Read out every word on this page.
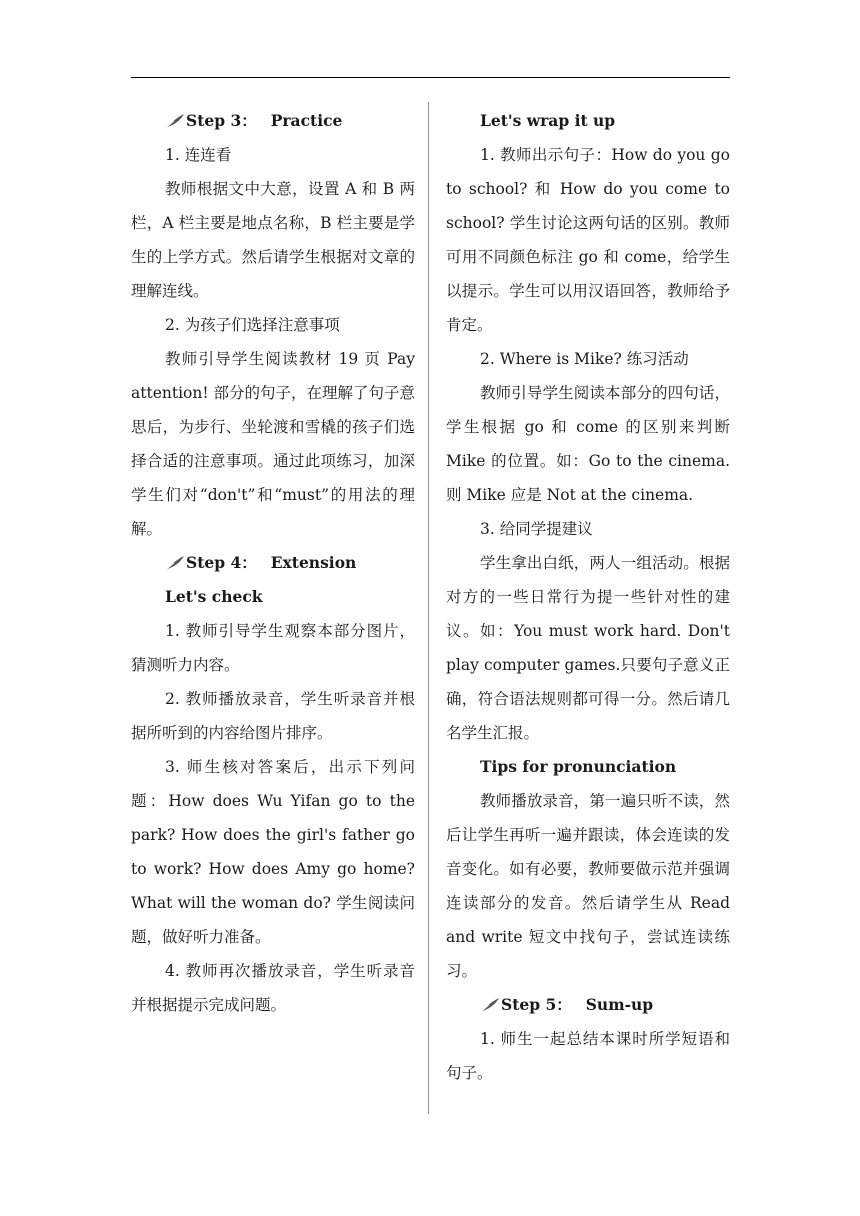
Step 3： Practice

1. 连连看

教师根据文中大意，设置 A 和 B 两栏，A 栏主要是地点名称，B 栏主要是学生的上学方式。然后请学生根据对文章的理解连线。

2. 为孩子们选择注意事项

教师引导学生阅读教材 19 页 Pay attention! 部分的句子，在理解了句子意思后，为步行、坐轮渡和雪橇的孩子们选择合适的注意事项。通过此项练习，加深学生们对“don't”和“must”的用法的理解。

Step 4： Extension

Let's check

1. 教师引导学生观察本部分图片，猜测听力内容。

2. 教师播放录音，学生听录音并根据所听到的内容给图片排序。

3. 师生核对答案后，出示下列问题：How does Wu Yifan go to the park? How does the girl's father go to work? How does Amy go home? What will the woman do? 学生阅读问题，做好听力准备。

4. 教师再次播放录音，学生听录音并根据提示完成问题。

Let's wrap it up

1. 教师出示句子：How do you go to school? 和 How do you come to school? 学生讨论这两句话的区别。教师可用不同颜色标注 go 和 come，给学生以提示。学生可以用汉语回答，教师给予肯定。

2. Where is Mike? 练习活动

教师引导学生阅读本部分的四句话，学生根据 go 和 come 的区别来判断 Mike 的位置。如：Go to the cinema. 则 Mike 应是 Not at the cinema.

3. 给同学提建议

学生拿出白纸，两人一组活动。根据对方的一些日常行为提一些针对性的建议。如：You must work hard. Don't play computer games.只要句子意义正确，符合语法规则都可得一分。然后请几名学生汇报。

Tips for pronunciation

教师播放录音，第一遍只听不读，然后让学生再听一遍并跟读，体会连读的发音变化。如有必要，教师要做示范并强调连读部分的发音。然后请学生从 Read and write 短文中找句子，尝试连读练习。

Step 5： Sum-up

1. 师生一起总结本课时所学短语和句子。
